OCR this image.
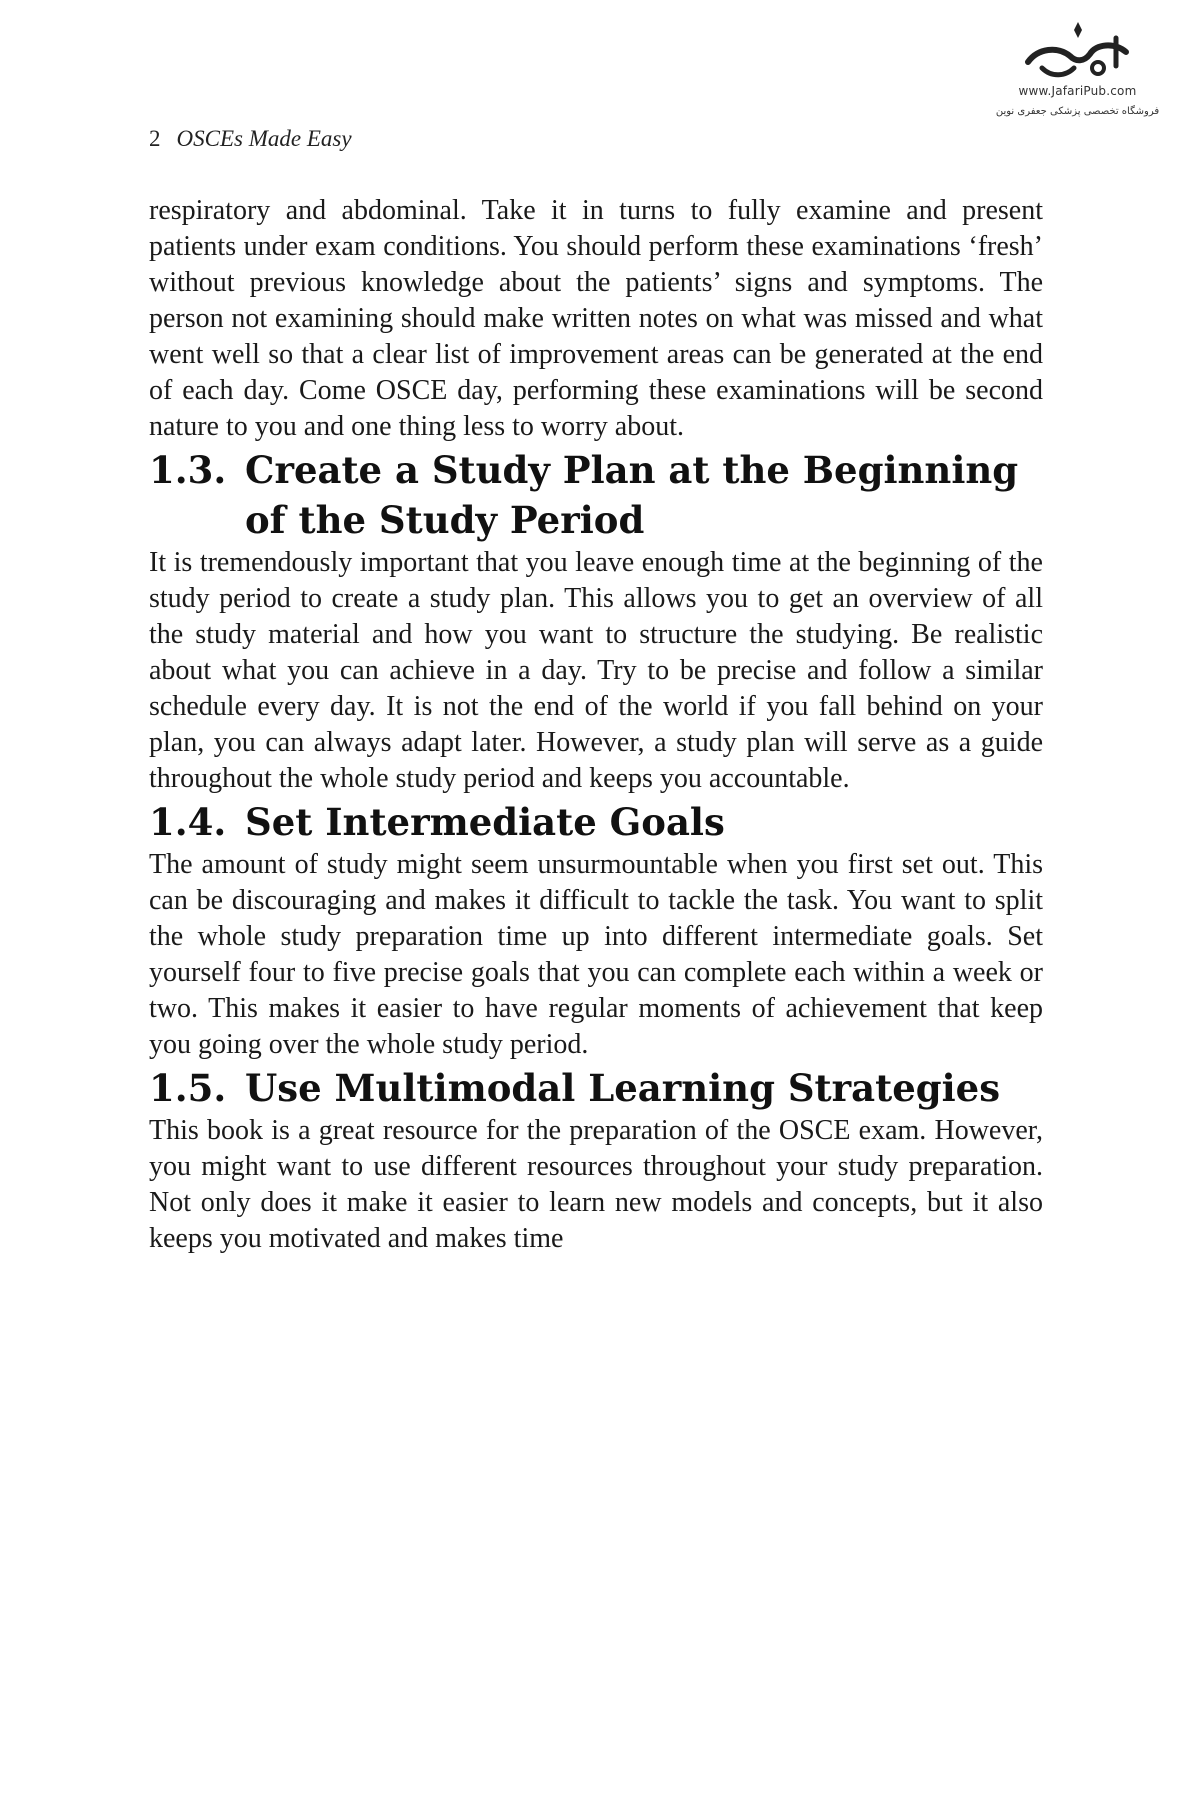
www.JafariPub.com
فروشگاه تخصصی پزشکی جعفری نوین
2 OSCEs Made Easy

respiratory and abdominal. Take it in turns to fully examine and present patients under exam conditions. You should perform these examinations ‘fresh’ without previous knowledge about the patients’ signs and symptoms. The person not examining should make written notes on what was missed and what went well so that a clear list of improvement areas can be generated at the end of each day. Come OSCE day, performing these examinations will be second nature to you and one thing less to worry about.

1.3. Create a Study Plan at the Beginning of the Study Period

It is tremendously important that you leave enough time at the beginning of the study period to create a study plan. This allows you to get an overview of all the study material and how you want to structure the studying. Be realistic about what you can achieve in a day. Try to be precise and follow a similar schedule every day. It is not the end of the world if you fall behind on your plan, you can always adapt later. However, a study plan will serve as a guide throughout the whole study period and keeps you accountable.

1.4. Set Intermediate Goals

The amount of study might seem unsurmountable when you first set out. This can be discouraging and makes it difficult to tackle the task. You want to split the whole study preparation time up into different intermediate goals. Set yourself four to five precise goals that you can complete each within a week or two. This makes it easier to have regular moments of achievement that keep you going over the whole study period.

1.5. Use Multimodal Learning Strategies

This book is a great resource for the preparation of the OSCE exam. However, you might want to use different resources throughout your study preparation. Not only does it make it easier to learn new models and concepts, but it also keeps you motivated and makes time
